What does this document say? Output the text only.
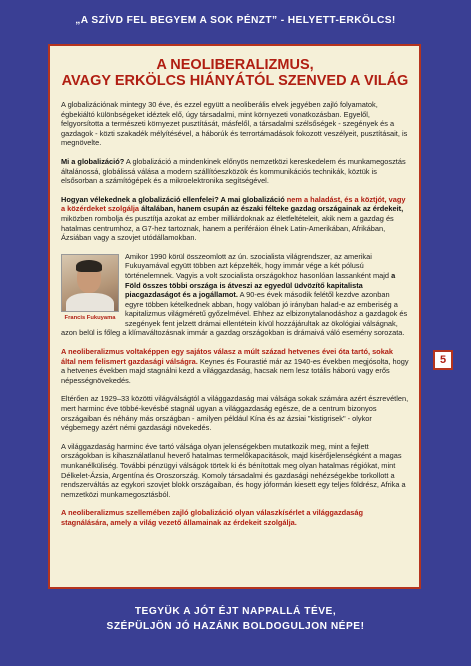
„A SZÍVD FEL BEGYEM A SOK PÉNZT” - HELYETT-ERKÖLCS!
A NEOLIBERALIZMUS,
AVAGY ERKÖLCS HIÁNYÁTÓL SZENVED A VILÁG

A globalizációnak mintegy 30 éve, és ezzel együtt a neoliberális elvek jegyében zajló folyamatok, égbekiáltó különbségeket idéztek elő, úgy társadalmi, mint környezeti vonatkozásban. Egyelől, felgyorsította a természeti környezet pusztítását, másfelől, a társadalmi szélsőségek - szegények és a gazdagok - közti szakadék mélyítésével, a háborúk és terrortámadások fokozott veszélyeit, pusztításait, is megnövelte.

Mi a globalizáció? A globalizáció a mindenkinek előnyös nemzetközi kereskedelem és munkamegosztás általánossá, globálissá válása a modern szállítóeszközök és kommunikációs technikák, köztük is elsősorban a számítógépek és a mikroelektronika segítségével.

Hogyan vélekednek a globalizáció ellenfelei? A mai globalizáció nem a haladást, és a köztjót, vagy a közérdeket szolgálja általában, hanem csupán az északi félteke gazdag országainak az érdekeit, miközben rombolja és pusztítja azokat az ember milliárdoknak az életfeltételeit, akik nem a gazdag és hatalmas centrumhoz, a G7-hez tartoznak, hanem a periféráion élnek Latin-Amerikában, Afrikában, Ázsiában vagy a szovjet utódállamokban.

Francis Fukuyama

Amikor 1990 körül összeomlott az ún. szocialista világrendszer, az amerikai Fukuyamával együtt többen azt képzelték, hogy immár vége a két pólusú történelemnek. Vagyis a volt szocialista országokhoz hasonlóan lassanként majd a Föld összes többi országa is átveszi az egyedül üdvözítő kapitalista piacgazdaságot és a jogállamot. A 90-es évek második felétől kezdve azonban egyre többen kételkednek abban, hogy valóban jó irányban halad-e az emberiség a kapitalizmus világméretű győzelmével. Ehhez az elbizonytalanodáshoz a gazdagok és szegények fent jelzett drámai ellentétein kívül hozzájárultak az ökológiai válságnak, azon belül is főleg a klímaváltozásnak immár a gazdag országokban is drámaivá váló esemény sorozata.

A neoliberalizmus voltaképpen egy sajátos válasz a múlt század hetvenes évei óta tartó, sokak által nem felismert gazdasági válságra. Keynes és Fourastié már az 1940-es években megjósolta, hogy a hetvenes években majd stagnálni kezd a világgazdaság, hacsak nem lesz totális háború vagy erős népességnövekedés.

Eltérően az 1929–33 közötti világválságtól a világgazdaság mai válsága sokak számára azért észrevétlen, mert harminc éve többé-kevésbé stagnál ugyan a világgazdaság egésze, de a centrum bizonyos országaiban és néhány más országban - amilyen például Kína és az ázsiai "kistigrisek" - olykor végbemegy azért némi gazdasági növekedés.

A világgazdaság harminc éve tartó válsága olyan jelenségekben mutatkozik meg, mint a fejlett országokban is kihasználatlanul heverő hatalmas termelőkapacitások, majd kisérőjelenségként a magas munkanélküliség. További pénzügyi válságok törtek ki és bénítottak meg olyan hatalmas régiókat, mint Délkelet-Ázsia, Argentína és Oroszország. Komoly társadalmi és gazdasági nehézségekbe torkollott a rendszerváltás az egykori szovjet blokk országaiban, és hogy jóformán kiesett egy teljes földrész, Afrika a nemzetközi munkamegosztásból.

A neoliberalizmus szellemében zajló globalizáció olyan válaszkísérlet a világgazdaság stagnálására, amely a világ vezető államainak az érdekeit szolgálja.

5
TEGYÜK A JÓT ÉJT NAPPALLÁ TÉVE,
SZÉPÜLJÖN JÓ HAZÁNK BOLDOGULJON NÉPE!
